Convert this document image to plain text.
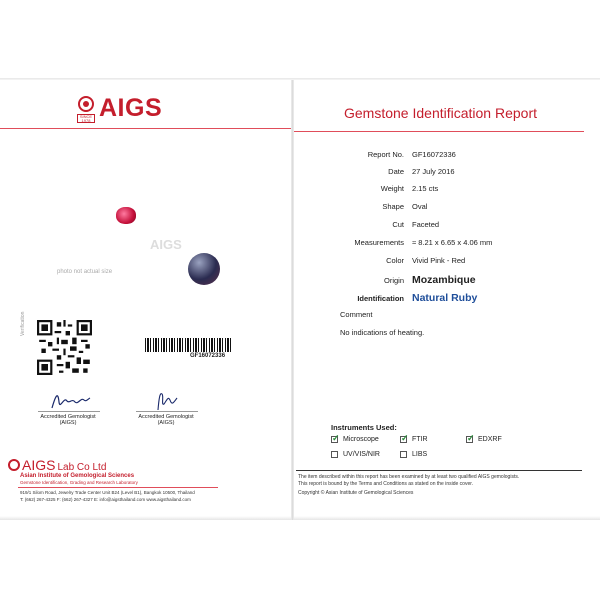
SINCE 1978 AIGS
AIGS
photo not actual size
Verification
GF16072336
Accredited Gemologist
(AIGS)
Accredited Gemologist
(AIGS)
AIGS Lab Co Ltd
Asian Institute of Gemological Sciences
Gemstone Identification, Grading and Research Laboratory
919/1 Silom Road, Jewelry Trade Center Unit B24 (Level B1), Bangkok 10500, Thailand
T: (662) 267-4325 F: (662) 267-4327 E: info@aigsthailand.com www.aigsthailand.com
Gemstone Identification Report
Report No. GF16072336
Date 27 July 2016
Weight 2.15 cts
Shape Oval
Cut Faceted
Measurements ≈ 8.21 x 6.65 x 4.06 mm
Color Vivid Pink - Red
Origin Mozambique
Identification Natural Ruby
Comment
No indications of heating.
Instruments Used:
✓
Microscope ✓	FTIR ✓	EDXRF
UV/VIS/NIR	LIBS
The item described within this report has been examined by at least two qualified AIGS gemologists.
This report is bound by the Terms and Conditions as stated on the inside cover.
Copyright © Asian Institute of Gemological Sciences
